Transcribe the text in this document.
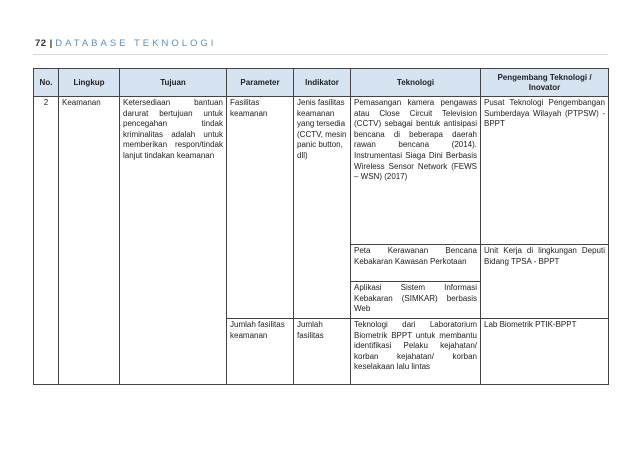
72 | DATABASE TEKNOLOGI
No.	Lingkup	Tujuan	Parameter	Indikator	Teknologi	Pengembang Teknologi / Inovator
2	Keamanan	Ketersediaan bantuan darurat bertujuan untuk pencegahan tindak kriminalitas adalah untuk memberikan respon/tindak lanjut tindakan keamanan	Fasilitas keamanan	Jenis fasilitas keamanan yang tersedia (CCTV, mesin panic button, dll)	Pemasangan kamera pengawas atau Close Circuit Television (CCTV) sebagai bentuk antisipasi bencana di beberapa daerah rawan bencana (2014). Instrumentasi Siaga Dini Berbasis Wireless Sensor Network (FEWS – WSN) (2017)	Pusat Teknologi Pengembangan Sumberdaya Wilayah (PTPSW) - BPPT
					Peta Kerawanan Bencana Kebakaran Kawasan Perkotaan	Unit Kerja di lingkungan Deputi Bidang TPSA - BPPT
					Aplikasi Sistem Informasi Kebakaran (SIMKAR) berbasis Web	
			Jumlah fasilitas keamanan	Jumlah fasilitas	Teknologi dari Laboratorium Biometrik BPPT untuk membantu identifikasi Pelaku kejahatan/ korban kejahatan/ korban keselakaan lalu lintas	Lab Biometrik PTIK-BPPT
